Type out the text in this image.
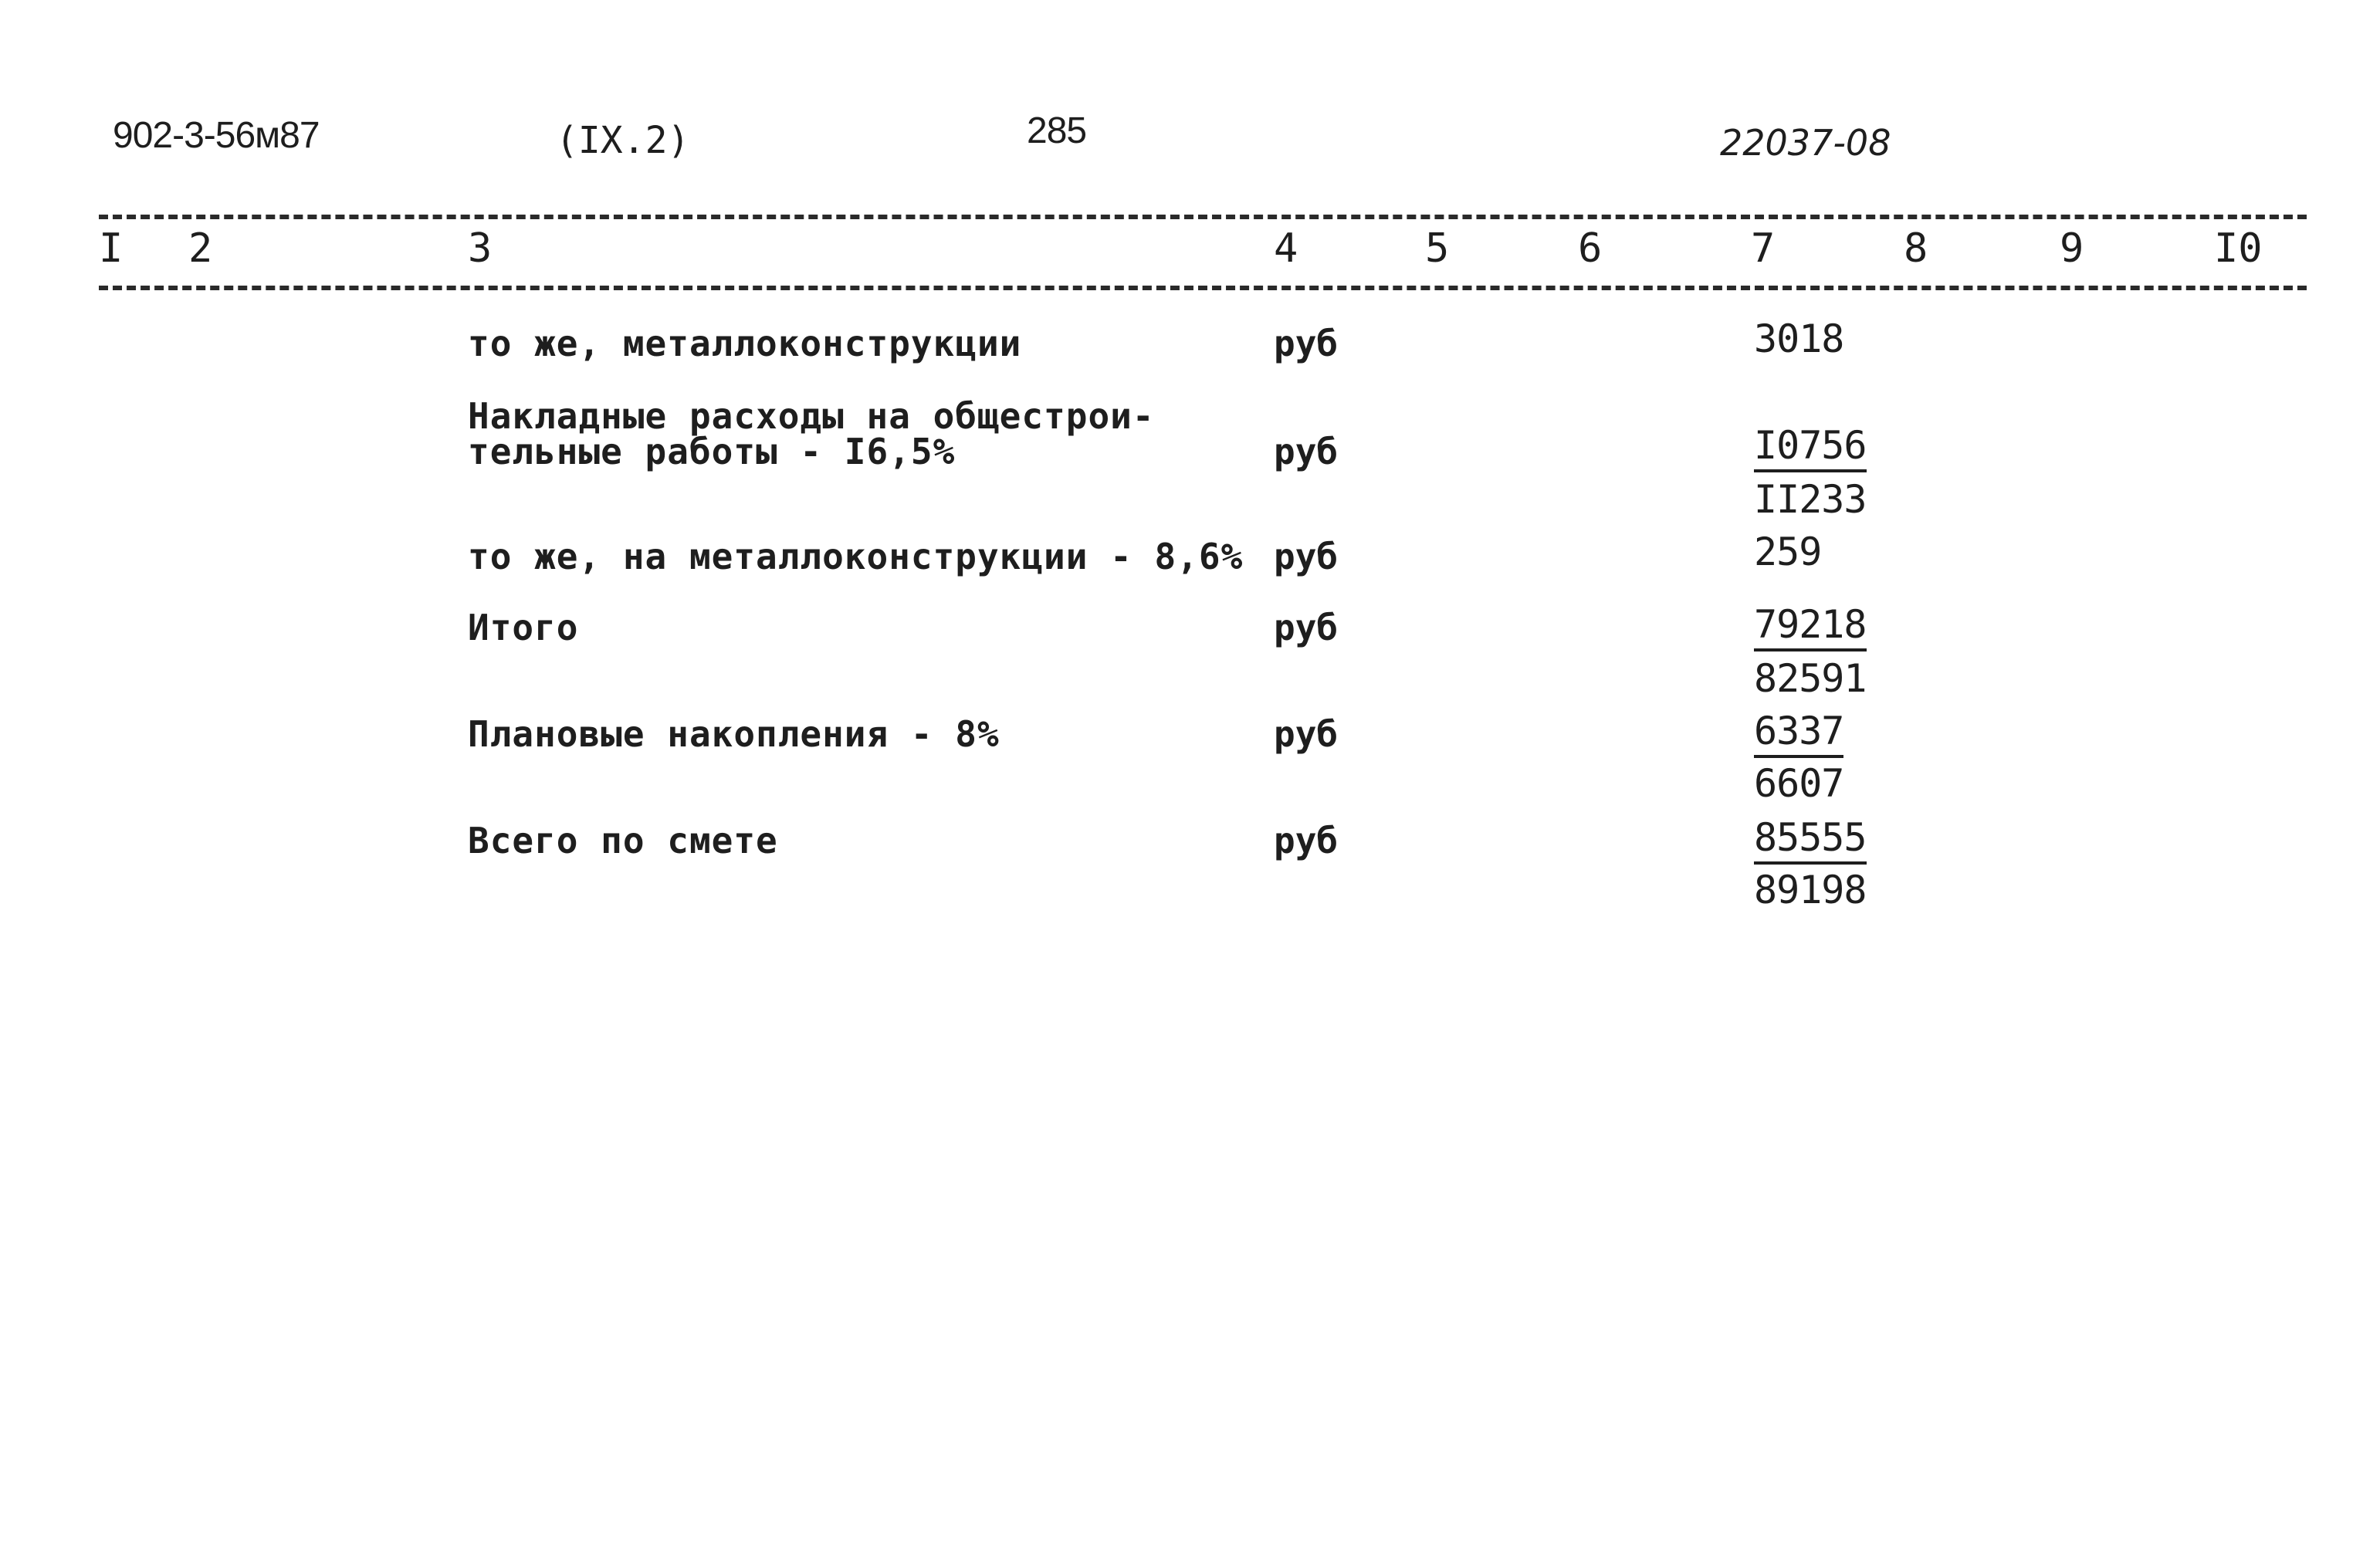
902-3-56м87	(IX.2)	285	22037-08
I 2	3	4	5	6	7	8	9	I0
то же, металлоконструкции	руб	3018
Накладные расходы на общестрои-
тельные работы - I6,5%	руб	I0756
II233
то же, на металлоконструкции - 8,6% руб	259
Итого	руб	79218
82591
Плановые накопления - 8%	руб	6337
6607
Всего по смете	руб	85555
89198
